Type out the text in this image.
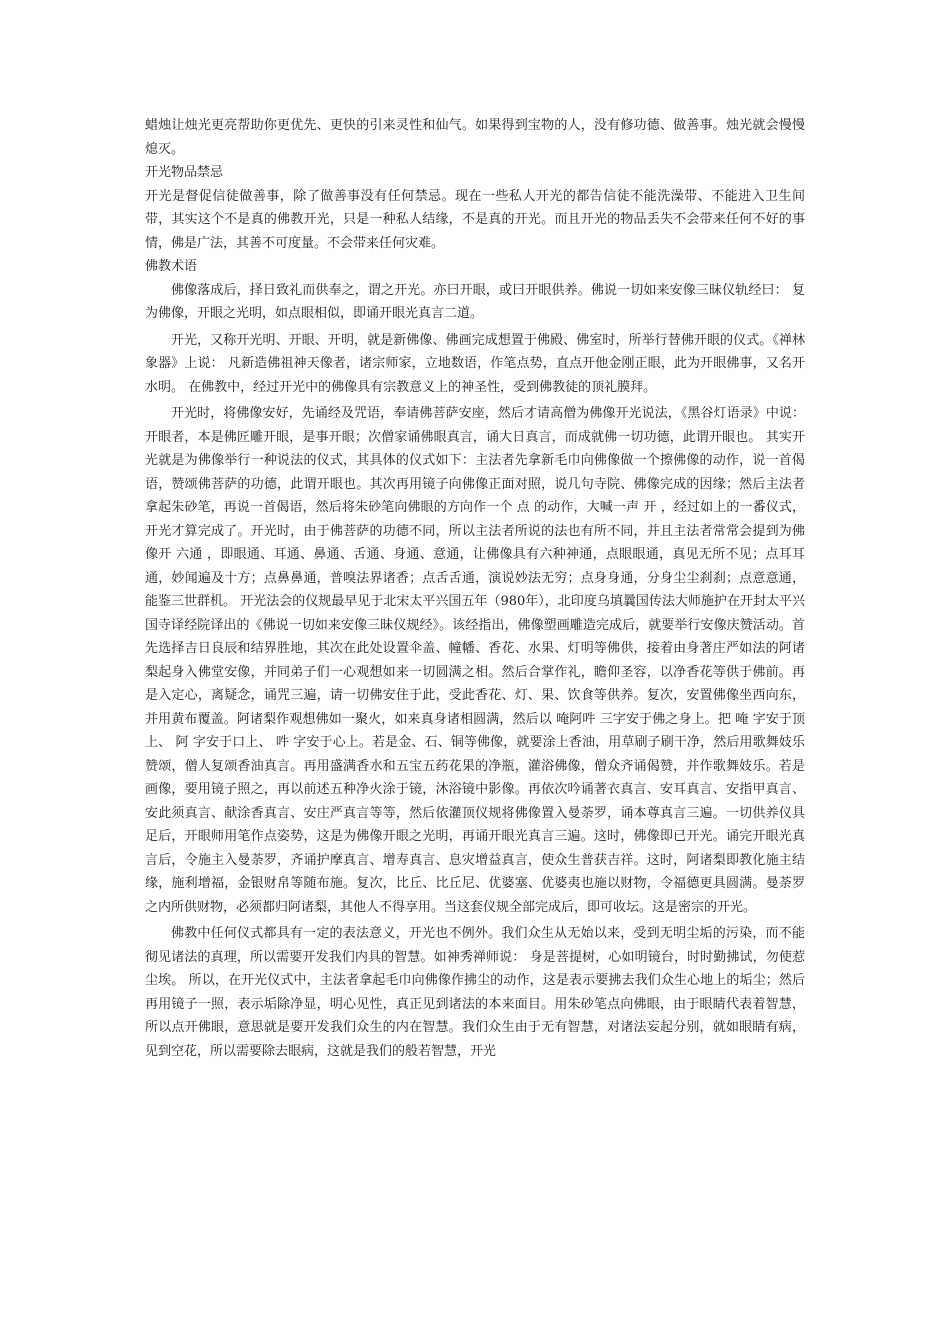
蜡烛让烛光更亮帮助你更优先、更快的引来灵性和仙气。如果得到宝物的人，没有修功德、做善事。烛光就会慢慢熄灭。

开光物品禁忌

开光是督促信徒做善事，除了做善事没有任何禁忌。现在一些私人开光的都告信徒不能洗澡带、不能进入卫生间带，其实这个不是真的佛教开光，只是一种私人结缘，不是真的开光。而且开光的物品丢失不会带来任何不好的事情，佛是广法，其善不可度量。不会带来任何灾难。

佛教术语

佛像落成后，择日致礼而供奉之，谓之开光。亦曰开眼，或曰开眼供养。佛说一切如来安像三昧仪轨经曰： 复为佛像，开眼之光明，如点眼相似，即诵开眼光真言二道。

开光，又称开光明、开眼、开明，就是新佛像、佛画完成想置于佛殿、佛室时，所举行替佛开眼的仪式。《禅林象器》上说： 凡新造佛祖神天像者，诸宗师家，立地数语，作笔点势，直点开他金刚正眼，此为开眼佛事，又名开水明。 在佛教中，经过开光中的佛像具有宗教意义上的神圣性，受到佛教徒的顶礼膜拜。

开光时，将佛像安好，先诵经及咒语，奉请佛菩萨安座，然后才请高僧为佛像开光说法，《黑谷灯语录》中说： 开眼者，本是佛匠雕开眼，是事开眼；次僧家诵佛眼真言，诵大日真言，而成就佛一切功德，此谓开眼也。 其实开光就是为佛像举行一种说法的仪式，其具体的仪式如下：主法者先拿新毛巾向佛像做一个擦佛像的动作，说一首偈语，赞颂佛菩萨的功德，此谓开眼也。其次再用镜子向佛像正面对照，说几句寺院、佛像完成的因缘；然后主法者拿起朱砂笔，再说一首偈语，然后将朱砂笔向佛眼的方向作一个 点 的动作，大喊一声 开 ，经过如上的一番仪式，开光才算完成了。开光时，由于佛菩萨的功德不同，所以主法者所说的法也有所不同，并且主法者常常会提到为佛像开 六通 ，即眼通、耳通、鼻通、舌通、身通、意通，让佛像具有六种神通，点眼眼通，真见无所不见；点耳耳通，妙闻遍及十方；点鼻鼻通，普嗅法界诸香；点舌舌通，演说妙法无穷；点身身通，分身尘尘刹刹；点意意通，能鉴三世群机。 开光法会的仪规最早见于北宋太平兴国五年（980年），北印度乌填曩国传法大师施护在开封太平兴国寺译经院译出的《佛说一切如来安像三昧仪规经》。该经指出，佛像塑画雕造完成后，就要举行安像庆赞活动。首先选择吉日良辰和结界胜地，其次在此处设置伞盖、幢幡、香花、水果、灯明等佛供，接着由身著庄严如法的阿诸梨起身入佛堂安像，并同弟子们一心观想如来一切圆满之相。然后合掌作礼，瞻仰圣容，以净香花等供于佛前。再是入定心，离疑念，诵咒三遍，请一切佛安住于此，受此香花、灯、果、饮食等供养。复次，安置佛像坐西向东，并用黄布覆盖。阿诸梨作观想佛如一聚火，如来真身诸相圆满，然后以 唵阿吽 三字安于佛之身上。把 唵 字安于顶上、 阿 字安于口上、 吽 字安于心上。若是金、石、铜等佛像，就要涂上香油，用草刷子刷干净，然后用歌舞妓乐赞颂，僧人复颂香油真言。再用盛满香水和五宝五药花果的净瓶，灌浴佛像，僧众齐诵偈赞，并作歌舞妓乐。若是画像，要用镜子照之，再以前述五种净火涂于镜，沐浴镜中影像。再依次吟诵著衣真言、安耳真言、安指甲真言、安此须真言、献涂香真言、安庄严真言等等，然后依灌顶仪规将佛像置入曼荼罗，诵本尊真言三遍。一切供养仪具足后，开眼师用笔作点姿势，这是为佛像开眼之光明，再诵开眼光真言三遍。这时，佛像即已开光。诵完开眼光真言后，令施主入曼荼罗，齐诵护摩真言、增寿真言、息灾增益真言，使众生普获吉祥。这时，阿诸梨即教化施主结缘，施利增福，金银财帛等随布施。复次，比丘、比丘尼、优婆塞、优婆夷也施以财物，令福德更具圆满。曼荼罗之内所供财物，必须都归阿诸梨，其他人不得享用。当这套仪规全部完成后，即可收坛。这是密宗的开光。

佛教中任何仪式都具有一定的表法意义，开光也不例外。我们众生从无始以来，受到无明尘垢的污染，而不能彻见诸法的真理，所以需要开发我们内具的智慧。如神秀禅师说： 身是菩提树，心如明镜台，时时勤拂试，勿使惹尘埃。 所以，在开光仪式中，主法者拿起毛巾向佛像作拂尘的动作，这是表示要拂去我们众生心地上的垢尘；然后再用镜子一照，表示垢除净显，明心见性，真正见到诸法的本来面目。用朱砂笔点向佛眼，由于眼睛代表着智慧，所以点开佛眼，意思就是要开发我们众生的内在智慧。我们众生由于无有智慧，对诸法妄起分别，就如眼睛有病，见到空花，所以需要除去眼病，这就是我们的般若智慧，开光
